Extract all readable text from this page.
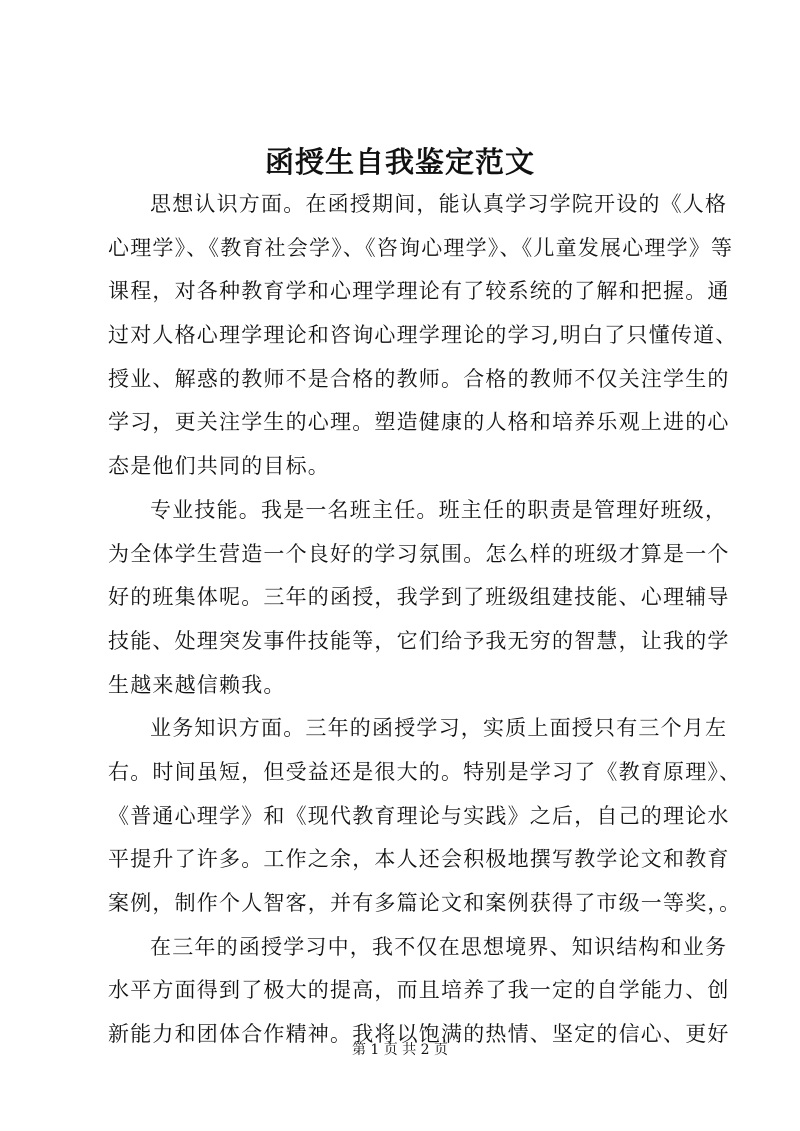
函授生自我鉴定范文
思想认识方面。在函授期间，能认真学习学院开设的《人格
心理学》、《教育社会学》、《咨询心理学》、《儿童发展心理学》等
课程，对各种教育学和心理学理论有了较系统的了解和把握。通
过对人格心理学理论和咨询心理学理论的学习,明白了只懂传道、
授业、解惑的教师不是合格的教师。合格的教师不仅关注学生的
学习，更关注学生的心理。塑造健康的人格和培养乐观上进的心
态是他们共同的目标。
专业技能。我是一名班主任。班主任的职责是管理好班级，
为全体学生营造一个良好的学习氛围。怎么样的班级才算是一个
好的班集体呢。三年的函授，我学到了班级组建技能、心理辅导
技能、处理突发事件技能等，它们给予我无穷的智慧，让我的学
生越来越信赖我。
业务知识方面。三年的函授学习，实质上面授只有三个月左
右。时间虽短，但受益还是很大的。特别是学习了《教育原理》、
《普通心理学》和《现代教育理论与实践》之后，自己的理论水
平提升了许多。工作之余，本人还会积极地撰写教学论文和教育
案例，制作个人智客，并有多篇论文和案例获得了市级一等奖，。
在三年的函授学习中，我不仅在思想境界、知识结构和业务
水平方面得到了极大的提高，而且培养了我一定的自学能力、创
新能力和团体合作精神。我将以饱满的热情、坚定的信心、更好
第 1 页 共 2 页
